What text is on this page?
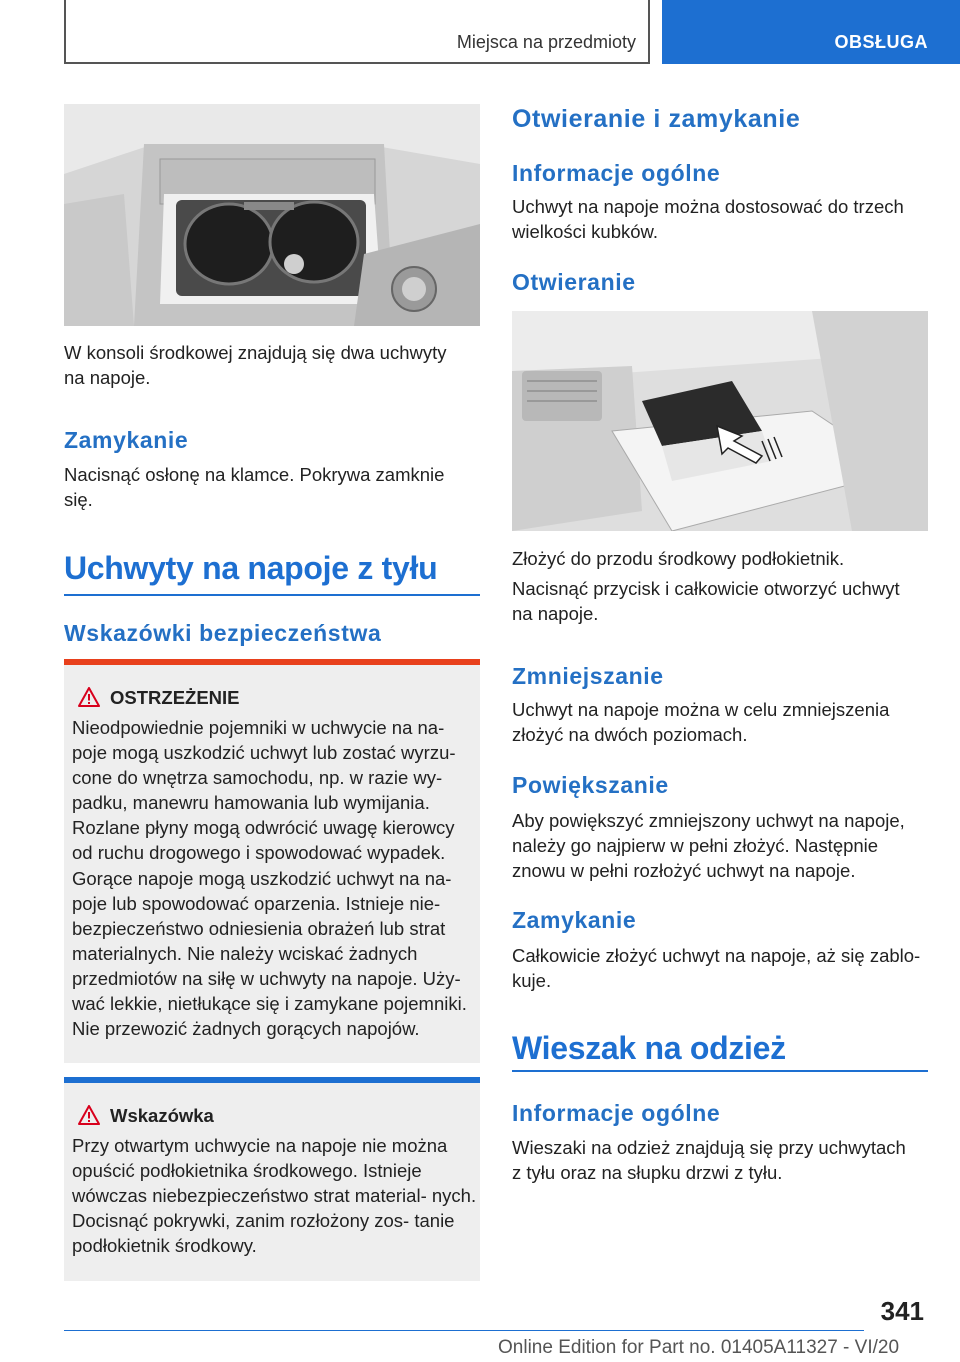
Miejsca na przedmioty	OBSŁUGA
W konsoli środkowej znajdują się dwa uchwyty na napoje.
Zamykanie
Nacisnąć osłonę na klamce. Pokrywa zamknie się.
Uchwyty na napoje z tyłu
Wskazówki bezpieczeństwa
OSTRZEŻENIE
Nieodpowiednie pojemniki w uchwycie na na- poje mogą uszkodzić uchwyt lub zostać wyrzu- cone do wnętrza samochodu, np. w razie wy- padku, manewru hamowania lub wymijania. Rozlane płyny mogą odwrócić uwagę kierowcy od ruchu drogowego i spowodować wypadek. Gorące napoje mogą uszkodzić uchwyt na na- poje lub spowodować oparzenia. Istnieje nie- bezpieczeństwo odniesienia obrażeń lub strat materialnych. Nie należy wciskać żadnych przedmiotów na siłę w uchwyty na napoje. Uży- wać lekkie, nietłukące się i zamykane pojemniki. Nie przewozić żadnych gorących napojów.
Wskazówka
Przy otwartym uchwycie na napoje nie można opuścić podłokietnika środkowego. Istnieje wówczas niebezpieczeństwo strat material- nych. Docisnąć pokrywki, zanim rozłożony zos- tanie podłokietnik środkowy.
Otwieranie i zamykanie
Informacje ogólne
Uchwyt na napoje można dostosować do trzech wielkości kubków.
Otwieranie
Złożyć do przodu środkowy podłokietnik.
Nacisnąć przycisk i całkowicie otworzyć uchwyt na napoje.
Zmniejszanie
Uchwyt na napoje można w celu zmniejszenia złożyć na dwóch poziomach.
Powiększanie
Aby powiększyć zmniejszony uchwyt na napoje, należy go najpierw w pełni złożyć. Następnie znowu w pełni rozłożyć uchwyt na napoje.
Zamykanie
Całkowicie złożyć uchwyt na napoje, aż się zablo- kuje.
Wieszak na odzież
Informacje ogólne
Wieszaki na odzież znajdują się przy uchwytach z tyłu oraz na słupku drzwi z tyłu.
341
Online Edition for Part no. 01405A11327 - VI/20
